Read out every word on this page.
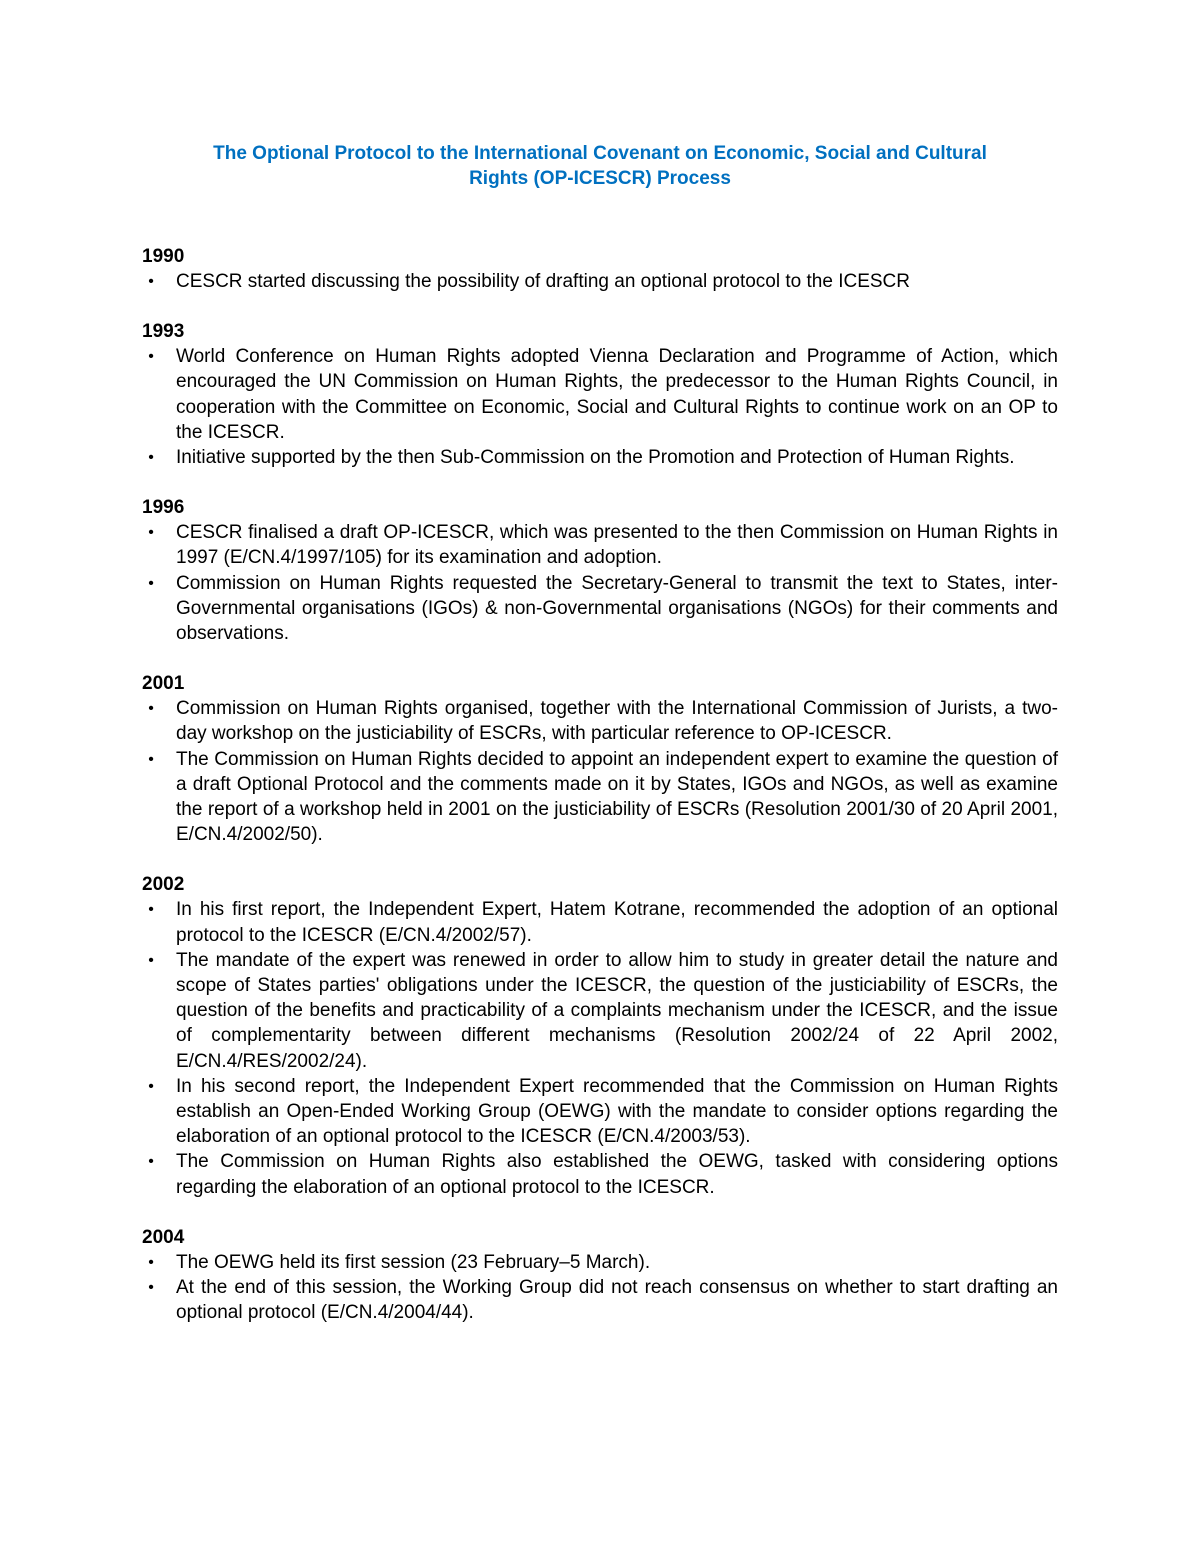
The Optional Protocol to the International Covenant on Economic, Social and Cultural
Rights (OP-ICESCR) Process
1990
• CESCR started discussing the possibility of drafting an optional protocol to the ICESCR
1993
• World Conference on Human Rights adopted Vienna Declaration and Programme of Action, which encouraged the UN Commission on Human Rights, the predecessor to the Human Rights Council, in cooperation with the Committee on Economic, Social and Cultural Rights to continue work on an OP to the ICESCR.
• Initiative supported by the then Sub-Commission on the Promotion and Protection of Human Rights.
1996
• CESCR finalised a draft OP-ICESCR, which was presented to the then Commission on Human Rights in 1997 (E/CN.4/1997/105) for its examination and adoption.
• Commission on Human Rights requested the Secretary-General to transmit the text to States, inter-Governmental organisations (IGOs) & non-Governmental organisations (NGOs) for their comments and observations.
2001
• Commission on Human Rights organised, together with the International Commission of Jurists, a two-day workshop on the justiciability of ESCRs, with particular reference to OP-ICESCR.
• The Commission on Human Rights decided to appoint an independent expert to examine the question of a draft Optional Protocol and the comments made on it by States, IGOs and NGOs, as well as examine the report of a workshop held in 2001 on the justiciability of ESCRs (Resolution 2001/30 of 20 April 2001, E/CN.4/2002/50).
2002
• In his first report, the Independent Expert, Hatem Kotrane, recommended the adoption of an optional protocol to the ICESCR (E/CN.4/2002/57).
• The mandate of the expert was renewed in order to allow him to study in greater detail the nature and scope of States parties' obligations under the ICESCR, the question of the justiciability of ESCRs, the question of the benefits and practicability of a complaints mechanism under the ICESCR, and the issue of complementarity between different mechanisms (Resolution 2002/24 of 22 April 2002, E/CN.4/RES/2002/24).
• In his second report, the Independent Expert recommended that the Commission on Human Rights establish an Open-Ended Working Group (OEWG) with the mandate to consider options regarding the elaboration of an optional protocol to the ICESCR (E/CN.4/2003/53).
• The Commission on Human Rights also established the OEWG, tasked with considering options regarding the elaboration of an optional protocol to the ICESCR.
2004
• The OEWG held its first session (23 February–5 March).
• At the end of this session, the Working Group did not reach consensus on whether to start drafting an optional protocol (E/CN.4/2004/44).
